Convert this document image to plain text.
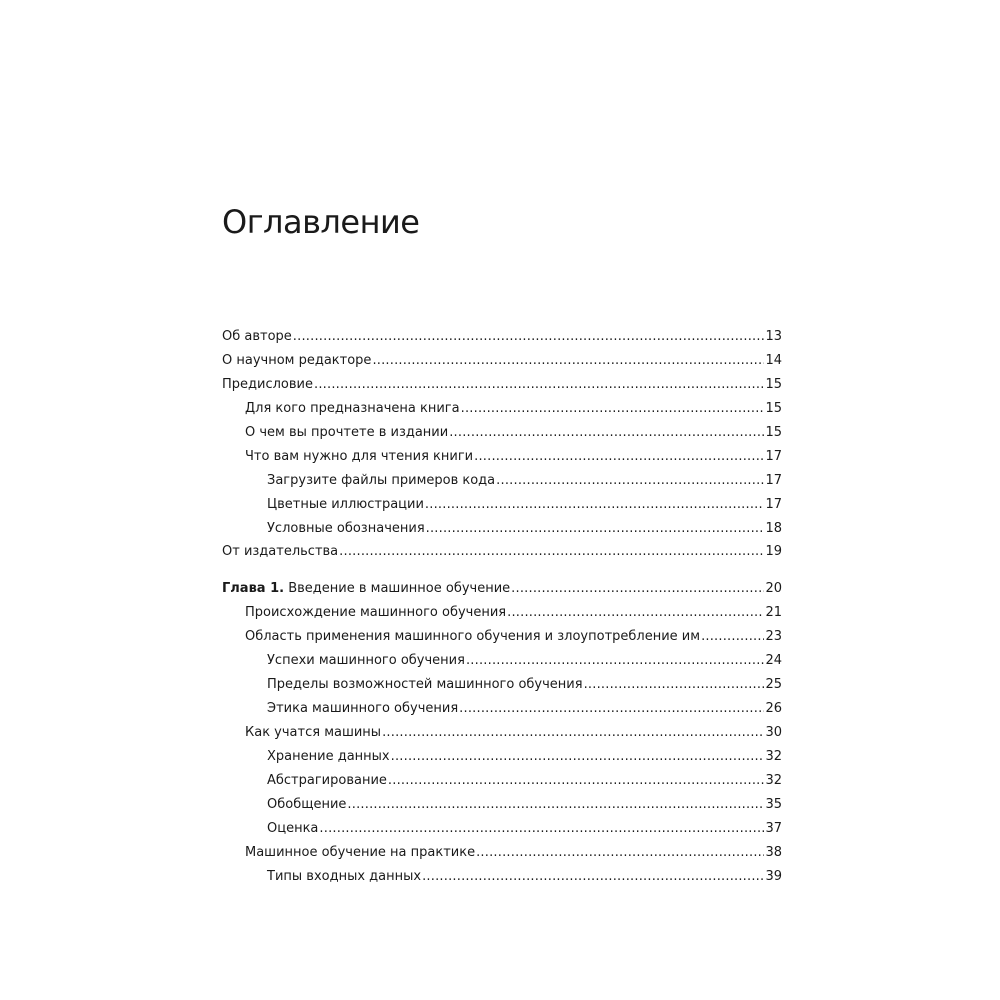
Оглавление
Об авторе .....	13
О научном редакторе .....	14
Предисловие .....	15
Для кого предназначена книга .....	15
О чем вы прочтете в издании .....	15
Что вам нужно для чтения книги .....	17
Загрузите файлы примеров кода .....	17
Цветные иллюстрации .....	17
Условные обозначения .....	18
От издательства .....	19
Глава 1. Введение в машинное обучение .....	20
Происхождение машинного обучения .....	21
Область применения машинного обучения и злоупотребление им .....	23
Успехи машинного обучения .....	24
Пределы возможностей машинного обучения .....	25
Этика машинного обучения .....	26
Как учатся машины .....	30
Хранение данных .....	32
Абстрагирование .....	32
Обобщение .....	35
Оценка .....	37
Машинное обучение на практике .....	38
Типы входных данных .....	39
